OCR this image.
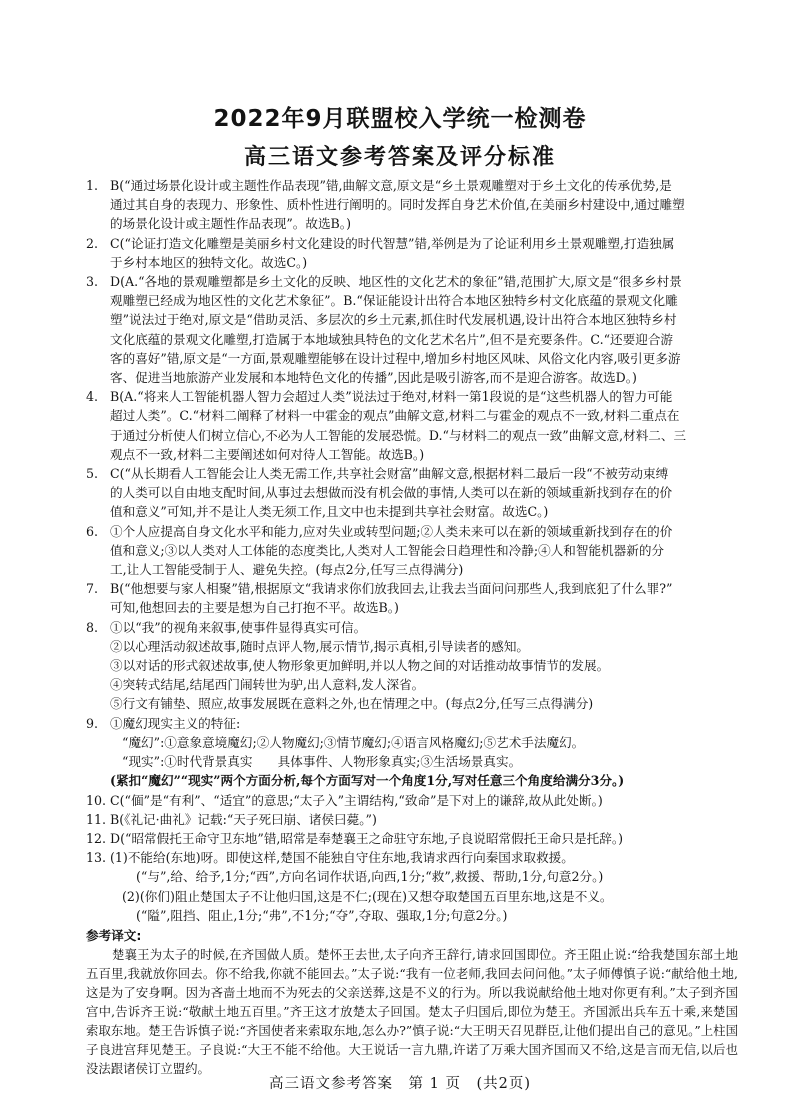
2022年9月联盟校入学统一检测卷
高三语文参考答案及评分标准
1. B(“通过场景化设计或主题性作品表现”错,曲解文意,原文是“乡土景观雕塑对于乡土文化的传承优势,是
通过其自身的表现力、形象性、质朴性进行阐明的。同时发挥自身艺术价值,在美丽乡村建设中,通过雕塑
的场景化设计或主题性作品表现”。故选B。)
2. C(“论证打造文化雕塑是美丽乡村文化建设的时代智慧”错,举例是为了论证利用乡土景观雕塑,打造独属
于乡村本地区的独特文化。故选C。)
3. D(A.“各地的景观雕塑都是乡土文化的反映、地区性的文化艺术的象征”错,范围扩大,原文是“很多乡村景
观雕塑已经成为地区性的文化艺术象征”。B.“保证能设计出符合本地区独特乡村文化底蕴的景观文化雕
塑”说法过于绝对,原文是“借助灵活、多层次的乡土元素,抓住时代发展机遇,设计出符合本地区独特乡村
文化底蕴的景观文化雕塑,打造属于本地域独具特色的文化艺术名片”,但不是充要条件。C.“还要迎合游
客的喜好”错,原文是“一方面,景观雕塑能够在设计过程中,增加乡村地区风味、风俗文化内容,吸引更多游
客、促进当地旅游产业发展和本地特色文化的传播”,因此是吸引游客,而不是迎合游客。故选D。)
4. B(A.“将来人工智能机器人智力会超过人类”说法过于绝对,材料一第1段说的是“这些机器人的智力可能
超过人类”。C.“材料二阐释了材料一中霍金的观点”曲解文意,材料二与霍金的观点不一致,材料二重点在
于通过分析使人们树立信心,不必为人工智能的发展恐慌。D.“与材料二的观点一致”曲解文意,材料二、三
观点不一致,材料二主要阐述如何对待人工智能。故选B。)
5. C(“从长期看人工智能会让人类无需工作,共享社会财富”曲解文意,根据材料二最后一段“不被劳动束缚
的人类可以自由地支配时间,从事过去想做而没有机会做的事情,人类可以在新的领域重新找到存在的价
值和意义”可知,并不是让人类无须工作,且文中也未提到共享社会财富。故选C。)
6. ①个人应提高自身文化水平和能力,应对失业或转型问题;②人类未来可以在新的领域重新找到存在的价
值和意义;③以人类对人工体能的态度类比,人类对人工智能会日趋理性和冷静;④人和智能机器新的分
工,让人工智能受制于人、避免失控。(每点2分,任写三点得满分)
7. B(“他想要与家人相聚”错,根据原文“我请求你们放我回去,让我去当面问问那些人,我到底犯了什么罪?”
可知,他想回去的主要是想为自己打抱不平。故选B。)
8. ①以“我”的视角来叙事,使事件显得真实可信。
②以心理活动叙述故事,随时点评人物,展示情节,揭示真相,引导读者的感知。
③以对话的形式叙述故事,使人物形象更加鲜明,并以人物之间的对话推动故事情节的发展。
④突转式结尾,结尾西门闹转世为驴,出人意料,发人深省。
⑤行文有铺垫、照应,故事发展既在意料之外,也在情理之中。(每点2分,任写三点得满分)
9. ①魔幻现实主义的特征:
“魔幻”:①意象意境魔幻;②人物魔幻;③情节魔幻;④语言风格魔幻;⑤艺术手法魔幻。
“现实”:①时代背景真实　　具体事件、人物形象真实;③生活场景真实。
(紧扣“魔幻”“现实”两个方面分析,每个方面写对一个角度1分,写对任意三个角度给满分3分。)
10. C(“偭”是“有利”、“适宜”的意思;“太子入”主谓结构,“致命”是下对上的谦辞,故从此处断。)
11. B(《礼记·曲礼》记载:“天子死曰崩、诸侯曰薨。”)
12. D(“昭常假托王命守卫东地”错,昭常是奉楚襄王之命驻守东地,子良说昭常假托王命只是托辞。)
13. (1)不能给(东地)呀。即使这样,楚国不能独自守住东地,我请求西行向秦国求取救援。
(“与”,给、给予,1分;“西”,方向名词作状语,向西,1分;“救”,救援、帮助,1分,句意2分。)
(2)(你们)阻止楚国太子不让他归国,这是不仁;(现在)又想夺取楚国五百里东地,这是不义。
(“隘”,阻挡、阻止,1分;“弗”,不1分;“夺”,夺取、强取,1分;句意2分。)
参考译文:
楚襄王为太子的时候,在齐国做人质。楚怀王去世,太子向齐王辞行,请求回国即位。齐王阻止说:“给我楚国东部土地五百里,我就放你回去。你不给我,你就不能回去。”太子说:“我有一位老师,我回去问问他。”太子师傅慎子说:“献给他土地,这是为了安身啊。因为吝啬土地而不为死去的父亲送葬,这是不义的行为。所以我说献给他土地对你更有利。”太子到齐国宫中,告诉齐王说:“敬献土地五百里。”齐王这才放楚太子回国。楚太子归国后,即位为楚王。齐国派出兵车五十乘,来楚国索取东地。楚王告诉慎子说:“齐国使者来索取东地,怎么办?”慎子说:“大王明天召见群臣,让他们提出自己的意见。”上柱国子良进宫拜见楚王。子良说:“大王不能不给他。大王说话一言九鼎,许诺了万乘大国齐国而又不给,这是言而无信,以后也没法跟诸侯订立盟约。
高三语文参考答案　第 1 页　(共2页)
